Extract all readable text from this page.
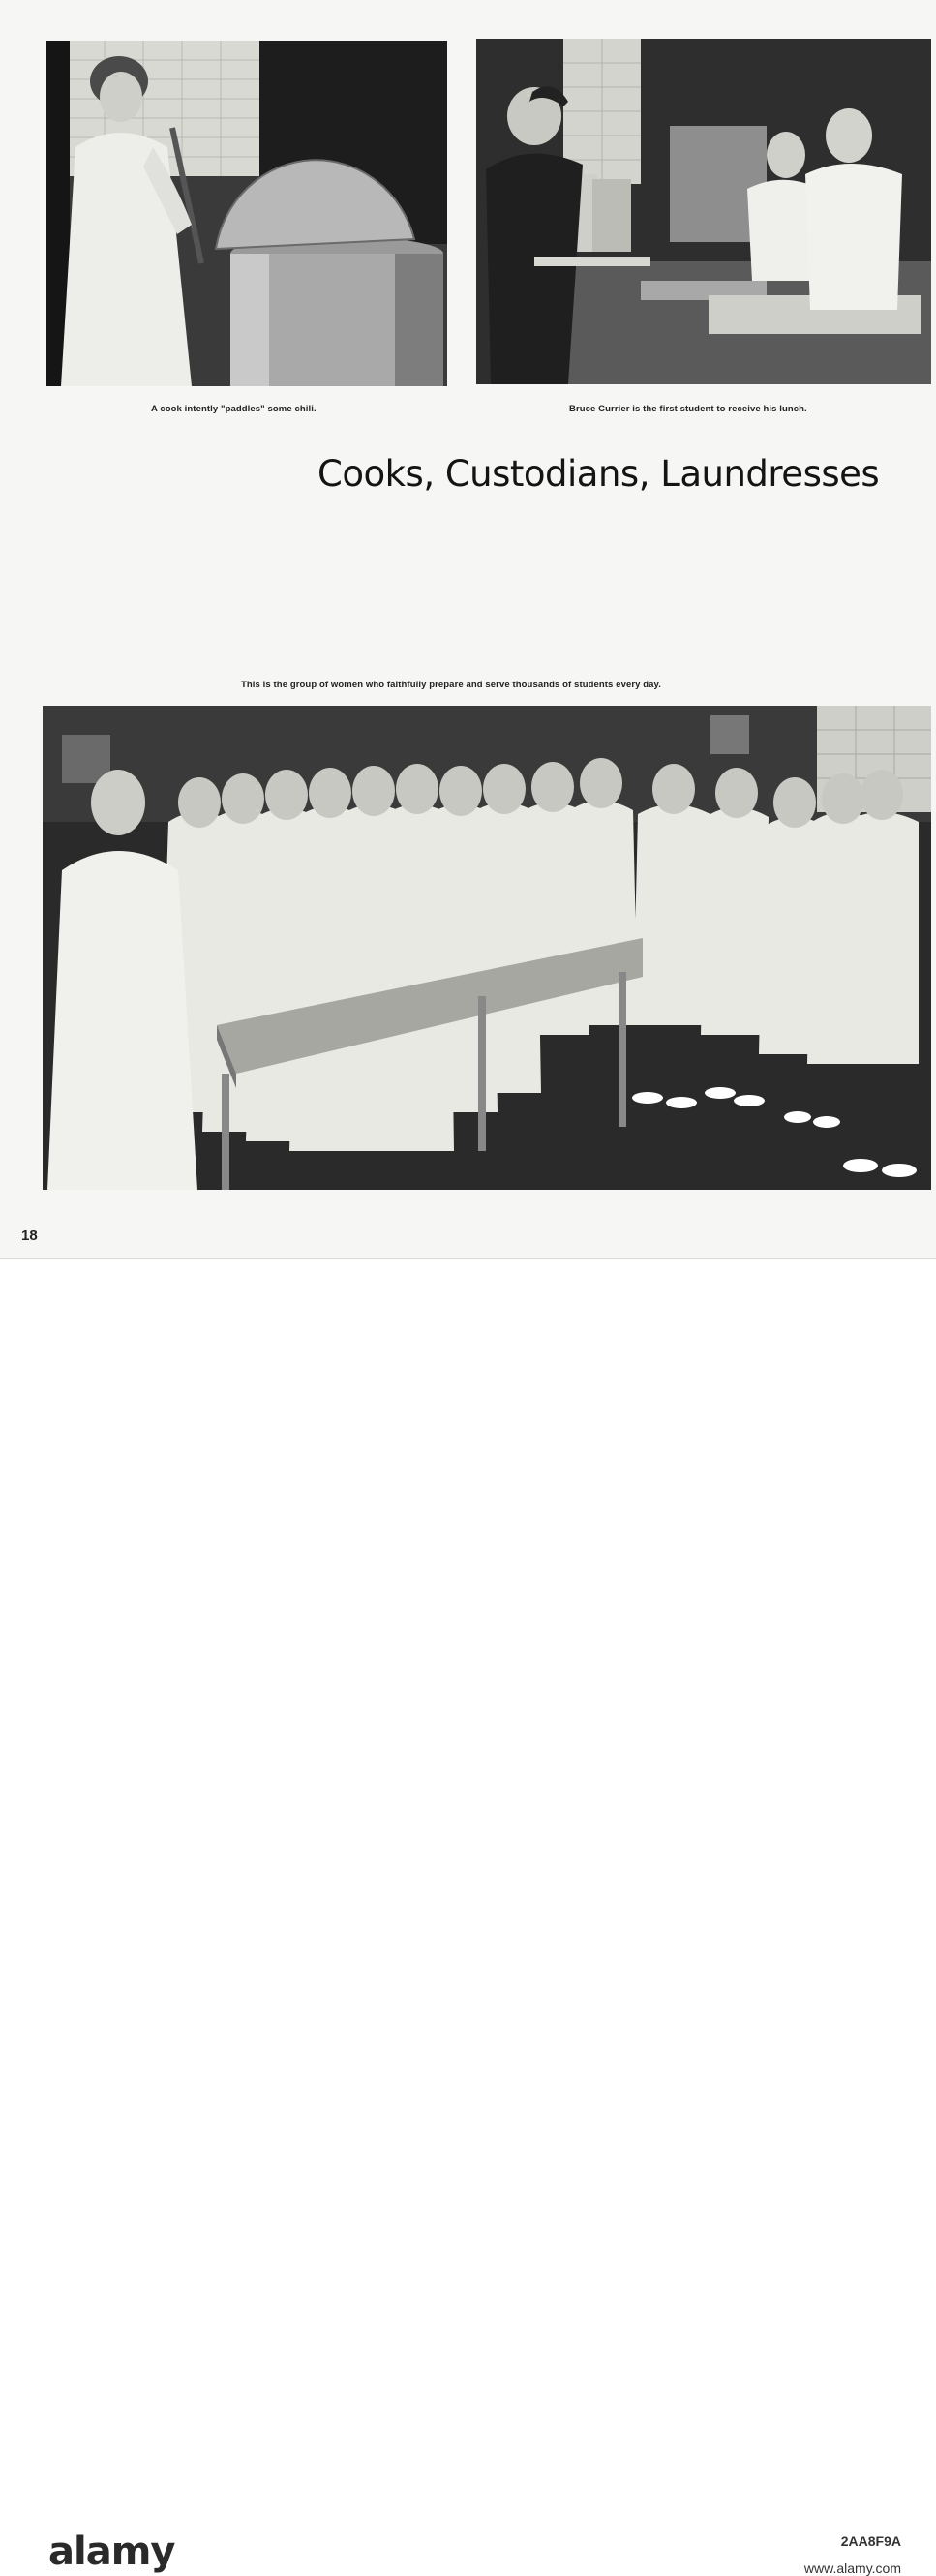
A cook intently "paddles" some chili.	Bruce Currier is the first student to receive his lunch.
Cooks, Custodians, Laundresses
This is the group of women who faithfully prepare and serve thousands of students every day.
18
alamy	2AA8F9A
www.alamy.com
